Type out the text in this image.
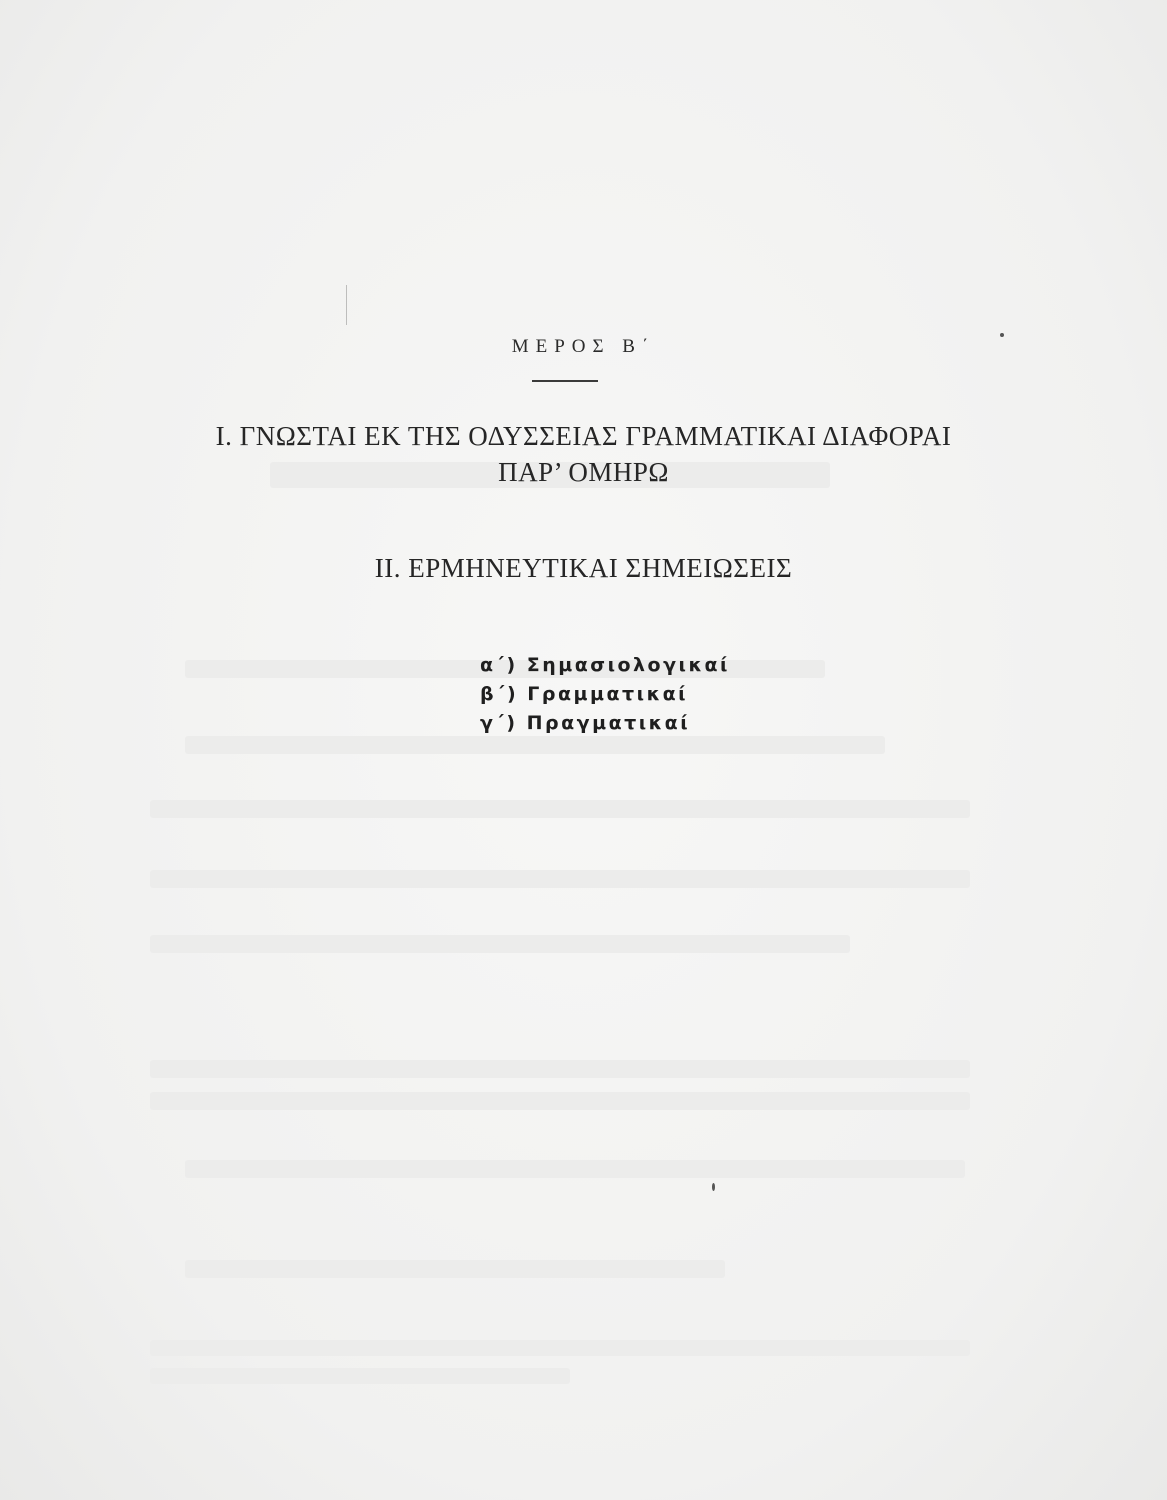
ΜΕΡΟΣ Β΄
Ι. ΓΝΩΣΤΑΙ ΕΚ ΤΗΣ ΟΔΥΣΣΕΙΑΣ ΓΡΑΜΜΑΤΙΚΑΙ ΔΙΑΦΟΡΑΙ
ΠΑΡ’ ΟΜΗΡΩ
ΙΙ. ΕΡΜΗΝΕΥΤΙΚΑΙ ΣΗΜΕΙΩΣΕΙΣ
α΄) Σημασιολογικαί
β΄) Γραμματικαί
γ΄) Πραγματικαί
